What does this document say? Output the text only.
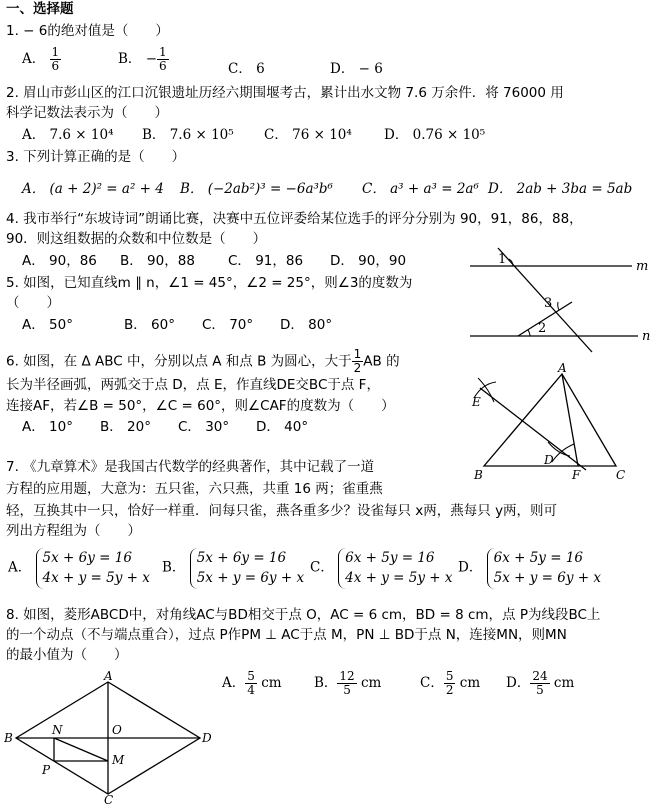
一、选择题
1. − 6的绝对值是（　　）
A． $\frac{1}{6}$	B． − $\frac{1}{6}$	C． 6	D． − 6
2. 眉山市彭山区的江口沉银遗址历经六期围堰考古，累计出水文物 7.6 万余件．将 76000 用
科学记数法表示为（　　）
A． 7.6 × 10⁴ B． 7.6 × 10⁵ C． 76 × 10⁴ D． 0.76 × 10⁵
3. 下列计算正确的是（　　）
A． (a + 2)² = a² + 4 B． (−2ab²)³ = −6a³b⁶ C． a³ + a³ = 2a⁶ D． 2ab + 3ba = 5ab
4. 我市举行“东坡诗词”朗诵比赛，决赛中五位评委给某位选手的评分分别为 90，91，86，88，
90．则这组数据的众数和中位数是（　　）
A． 90，86 B． 90，88 C． 91，86 D． 90，90
5. 如图，已知直线m ∥ n，∠1 = 45°，∠2 = 25°，则∠3的度数为
（　　）
A． 50°	B． 60° C． 70° D． 80°
1
3
2
m
n
6. 如图，在 Δ ABC 中，分别以点 A 和点 B 为圆心，大于 $\frac{1}{2}$ AB 的
长为半径画弧，两弧交于点 D，点 E，作直线DE交BC于点 F，
连接AF，若∠B = 50°，∠C = 60°，则∠CAF的度数为（　　）
A． 10° B． 20° C． 30° D． 40°
A
B	C
D
E
F
7. 《九章算术》是我国古代数学的经典著作，其中记载了一道
方程的应用题，大意为：五只雀，六只燕，共重 16 两；雀重燕
轻，互换其中一只，恰好一样重．问每只雀，燕各重多少？设雀每只 x两，燕每只 y两，则可
列出方程组为（　　）
A． 5x + 6y = 16
4x + y = 5y + x
B． 5x + 6y = 16
5x + y = 6y + x
C． 6x + 5y = 16
4x + y = 5y + x
D． 6x + 5y = 16
5x + y = 6y + x
8. 如图，菱形ABCD中，对角线AC与BD相交于点 O，AC = 6 cm，BD = 8 cm，点 P为线段BC上
的一个动点（不与端点重合），过点 P作PM ⊥ AC于点 M，PN ⊥ BD于点 N，连接MN，则MN
的最小值为（　　）
A． $\frac{5}{4}$ cm B． $\frac{12}{5}$ cm	C． $\frac{5}{2}$ cm D． $\frac{24}{5}$ cm
A
B
C
D
O
N
M
P
